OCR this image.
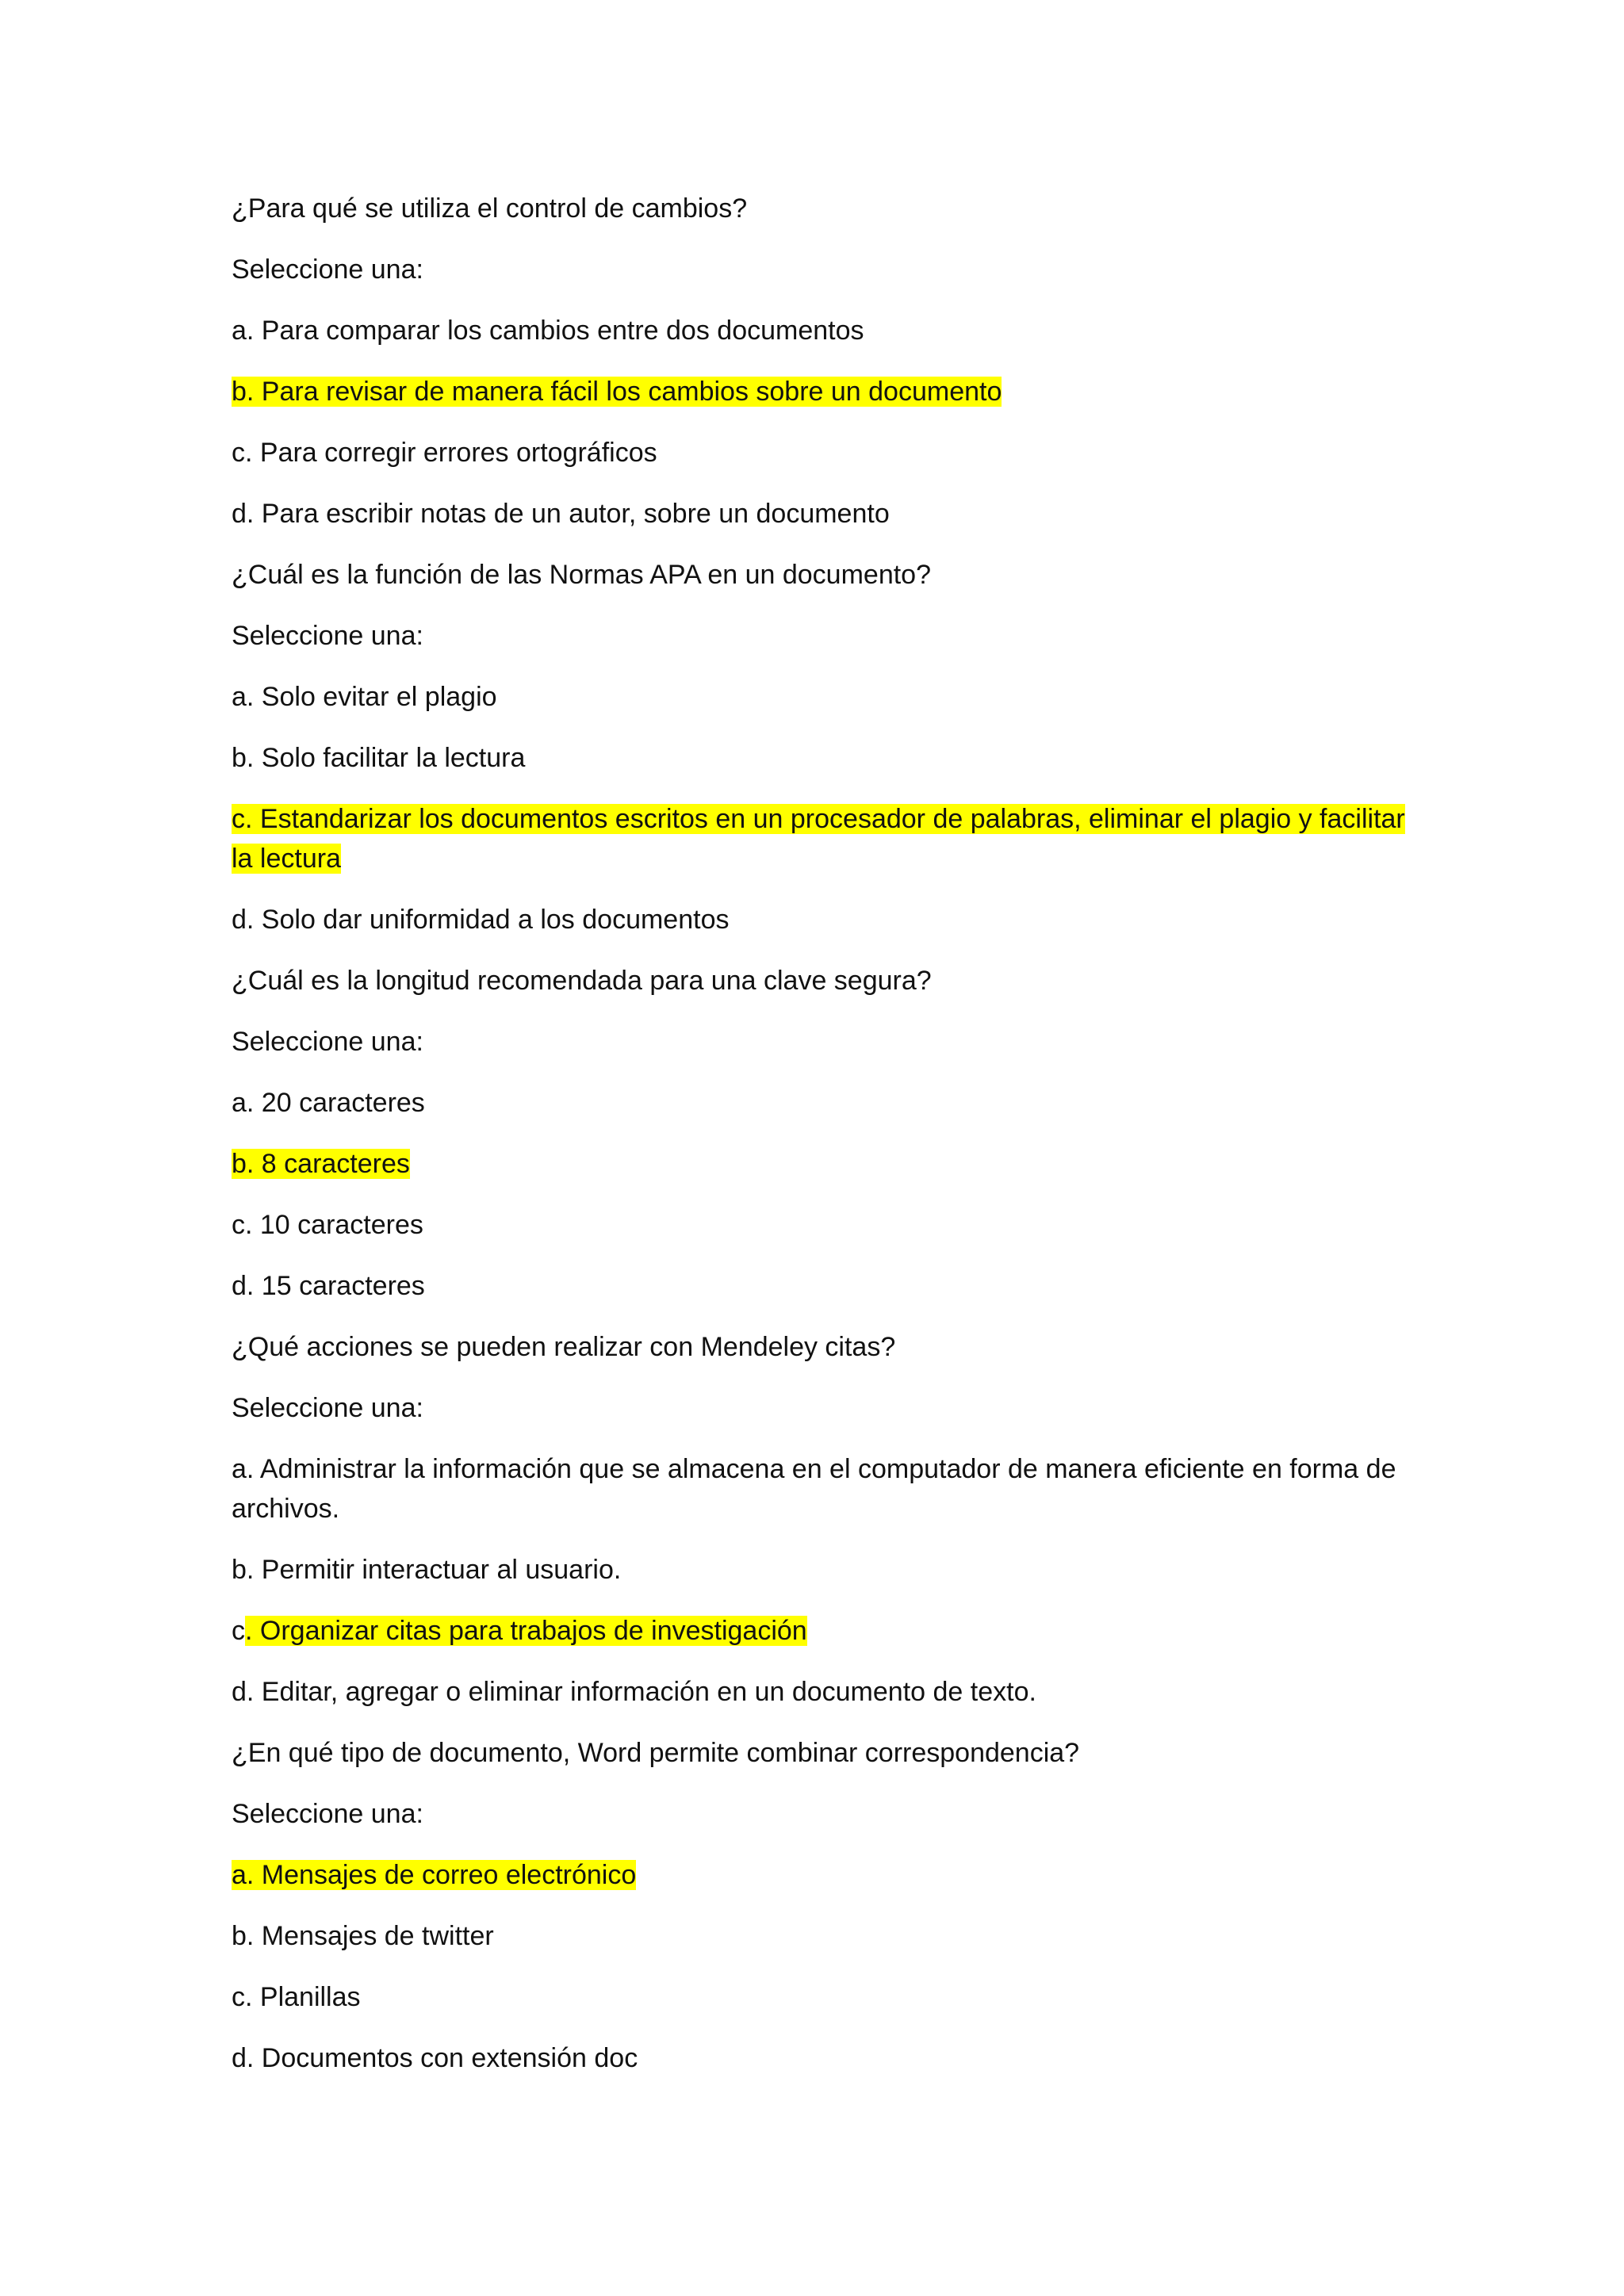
¿Para qué se utiliza el control de cambios?
Seleccione una:
a. Para comparar los cambios entre dos documentos
b. Para revisar de manera fácil los cambios sobre un documento
c. Para corregir errores ortográficos
d. Para escribir notas de un autor, sobre un documento
¿Cuál es la función de las Normas APA en un documento?
Seleccione una:
a. Solo evitar el plagio
b. Solo facilitar la lectura
c. Estandarizar los documentos escritos en un procesador de palabras, eliminar el plagio y facilitar la lectura
d. Solo dar uniformidad a los documentos
¿Cuál es la longitud recomendada para una clave segura?
Seleccione una:
a. 20 caracteres
b. 8 caracteres
c. 10 caracteres
d. 15 caracteres
¿Qué acciones se pueden realizar con Mendeley citas?
Seleccione una:
a. Administrar la información que se almacena en el computador de manera eficiente en forma de archivos.
b. Permitir interactuar al usuario.
c. Organizar citas para trabajos de investigación
d. Editar, agregar o eliminar información en un documento de texto.
¿En qué tipo de documento, Word permite combinar correspondencia?
Seleccione una:
a. Mensajes de correo electrónico
b. Mensajes de twitter
c. Planillas
d. Documentos con extensión doc
